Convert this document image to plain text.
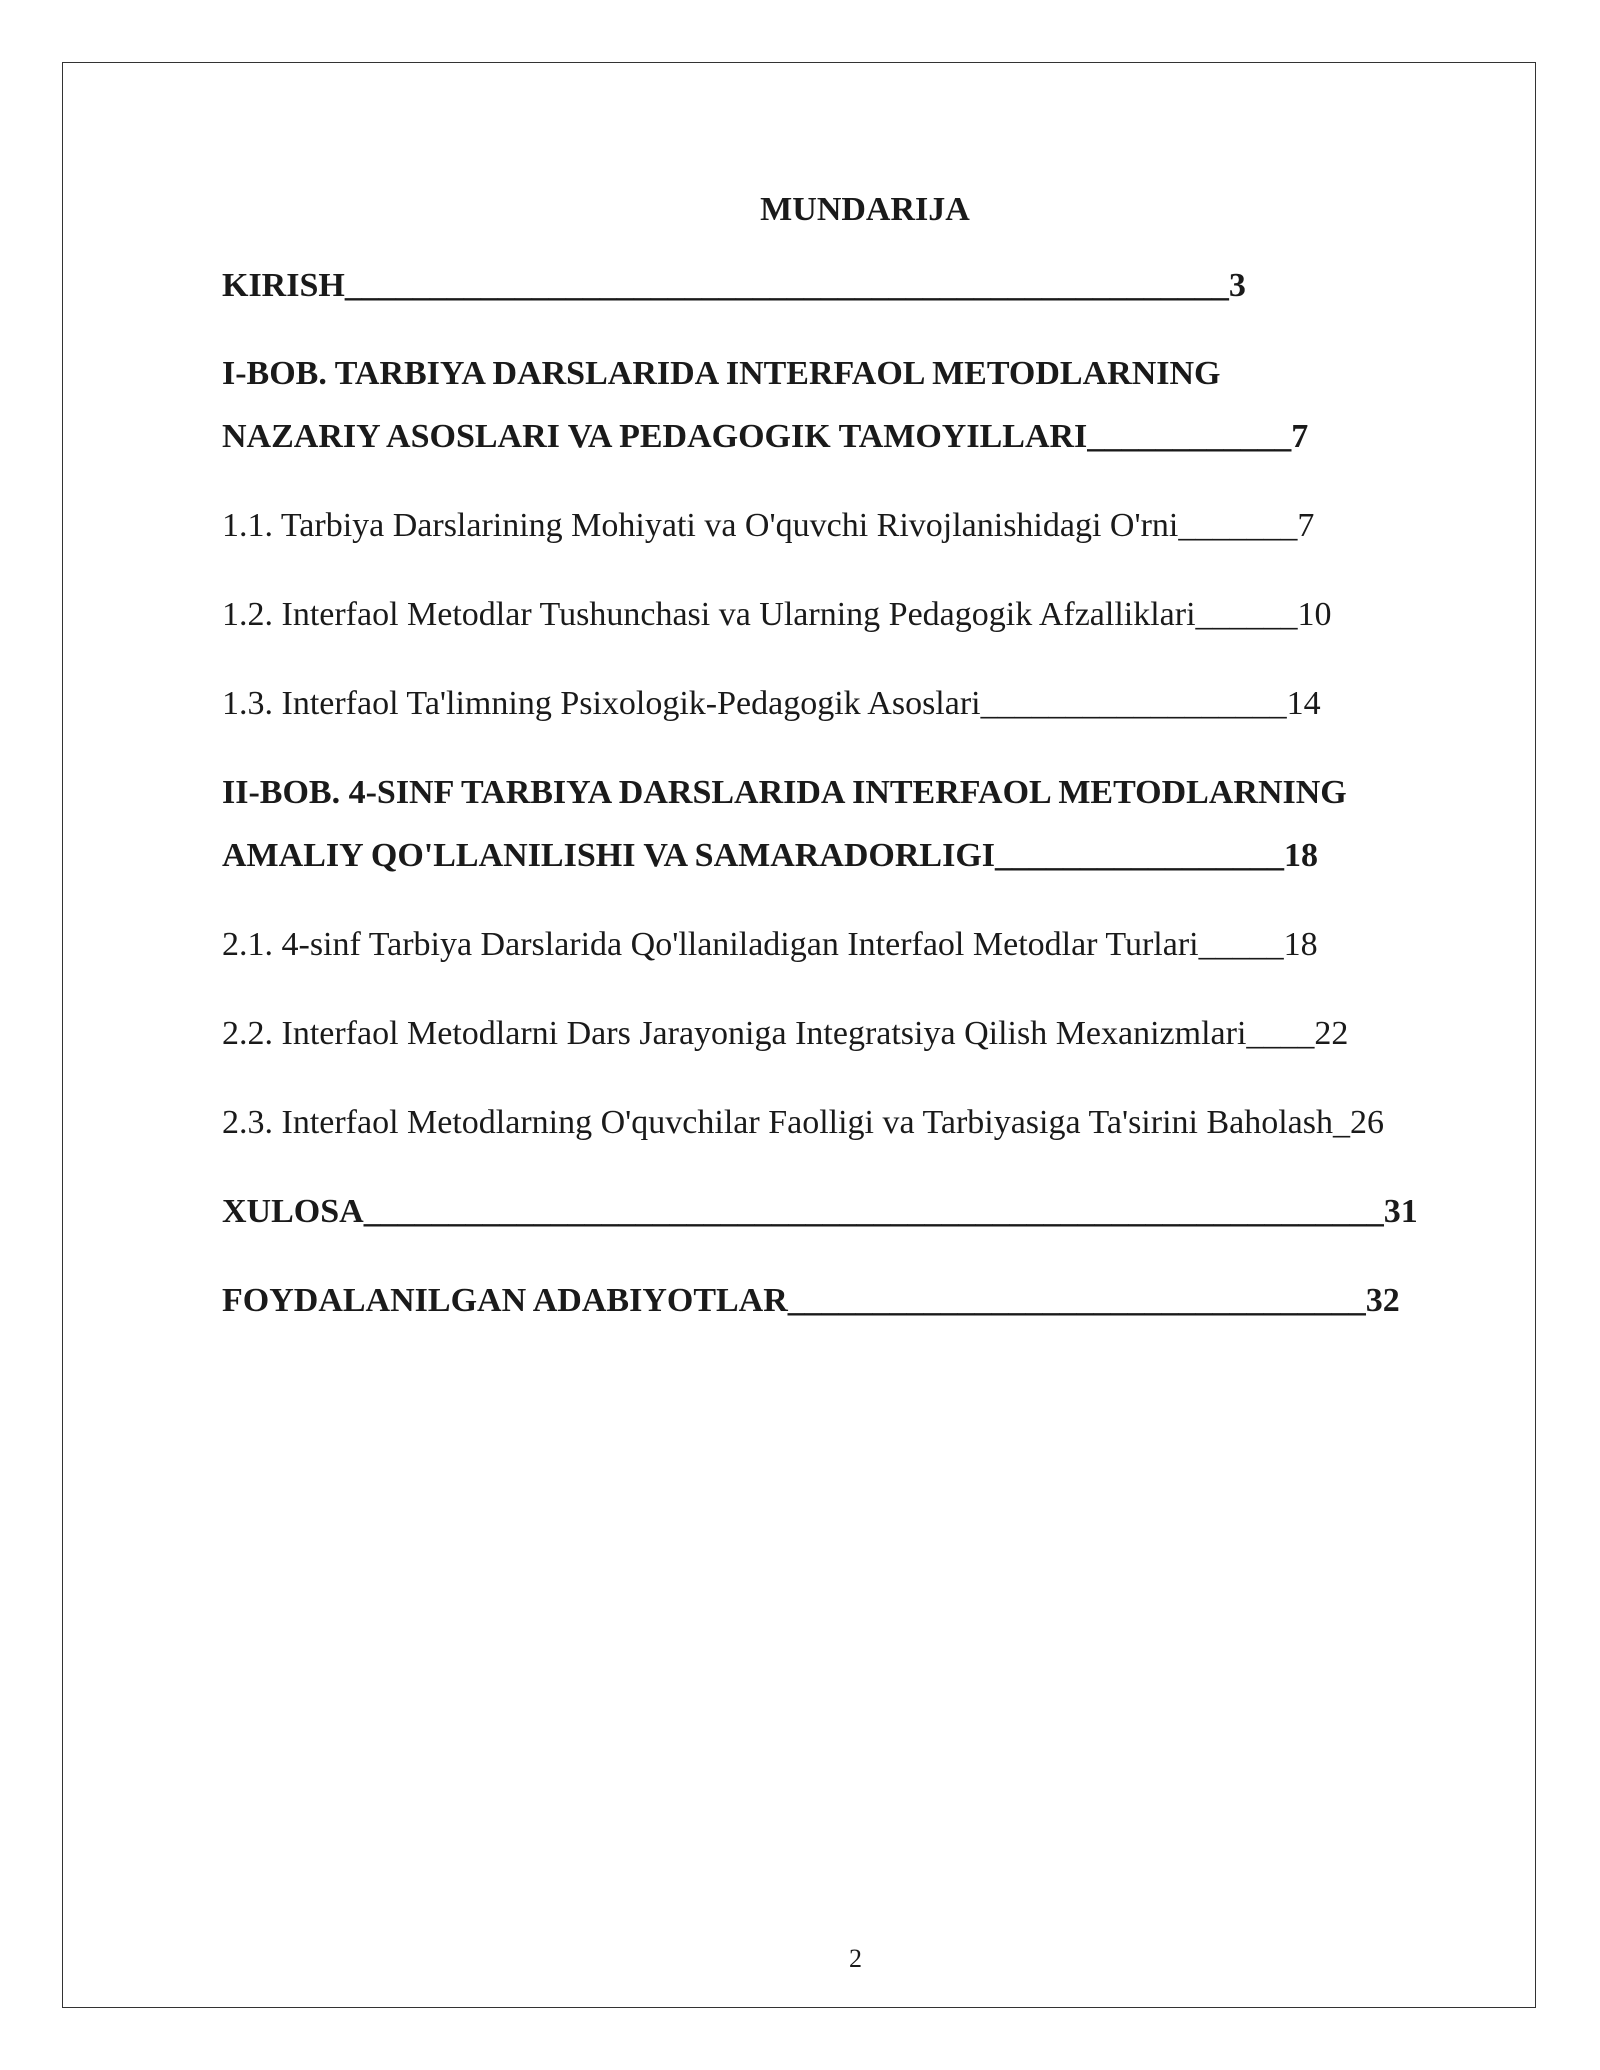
MUNDARIJA
KIRISH____________________________________________________3
I-BOB. TARBIYA DARSLARIDA INTERFAOL METODLARNING
NAZARIY ASOSLARI VA PEDAGOGIK TAMOYILLARI____________7
1.1. Tarbiya Darslarining Mohiyati va O'quvchi Rivojlanishidagi O'rni_______7
1.2. Interfaol Metodlar Tushunchasi va Ularning Pedagogik Afzalliklari______10
1.3. Interfaol Ta'limning Psixologik-Pedagogik Asoslari__________________14
II-BOB. 4-SINF TARBIYA DARSLARIDA INTERFAOL METODLARNING
AMALIY QO'LLANILISHI VA SAMARADORLIGI_________________18
2.1. 4-sinf Tarbiya Darslarida Qo'llaniladigan Interfaol Metodlar Turlari_____18
2.2. Interfaol Metodlarni Dars Jarayoniga Integratsiya Qilish Mexanizmlari____22
2.3. Interfaol Metodlarning O'quvchilar Faolligi va Tarbiyasiga Ta'sirini Baholash_26
XULOSA____________________________________________________________31
FOYDALANILGAN ADABIYOTLAR__________________________________32
2
